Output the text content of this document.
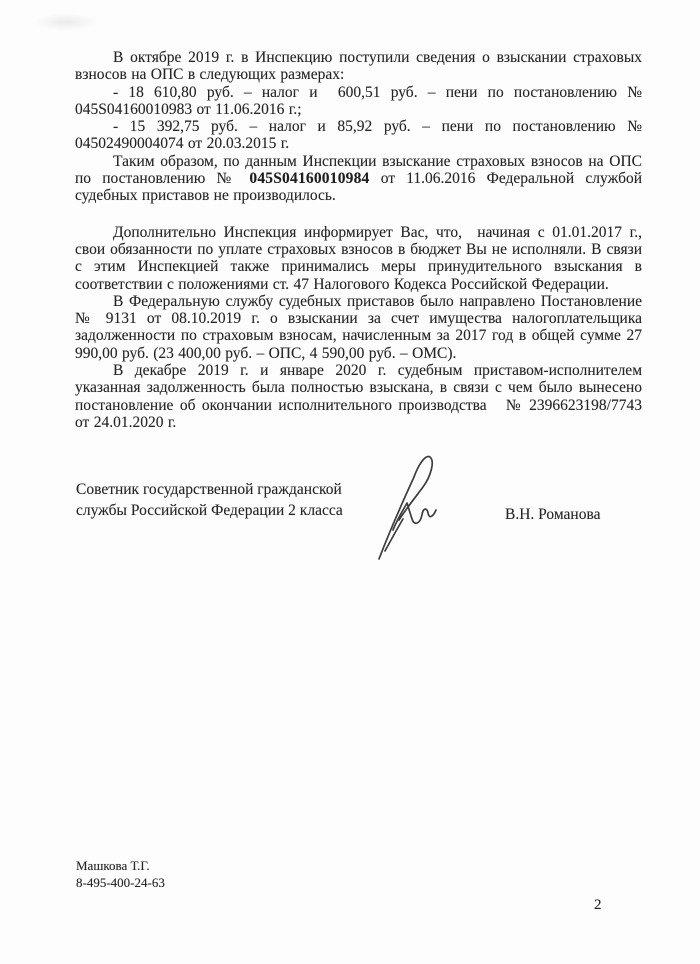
В октябре 2019 г. в Инспекцию поступили сведения о взыскании страховых взносов на ОПС в следующих размерах:

- 18 610,80 руб. – налог и  600,51 руб. – пени по постановлению № 045S04160010983 от 11.06.2016 г.;

- 15 392,75 руб. – налог и 85,92 руб. – пени по постановлению № 04502490004074 от 20.03.2015 г.

Таким образом, по данным Инспекции взыскание страховых взносов на ОПС по постановлению № 045S04160010984 от 11.06.2016 Федеральной службой судебных приставов не производилось.

Дополнительно Инспекция информирует Вас, что,  начиная с 01.01.2017 г., свои обязанности по уплате страховых взносов в бюджет Вы не исполняли. В связи с этим Инспекцией также принимались меры принудительного взыскания в соответствии с положениями ст. 47 Налогового Кодекса Российской Федерации.

В Федеральную службу судебных приставов было направлено Постановление № 9131 от 08.10.2019 г. о взыскании за счет имущества налогоплательщика задолженности по страховым взносам, начисленным за 2017 год в общей сумме 27 990,00 руб. (23 400,00 руб. – ОПС, 4 590,00 руб. – ОМС).

В декабре 2019 г. и январе 2020 г. судебным приставом-исполнителем указанная задолженность была полностью взыскана, в связи с чем было вынесено постановление об окончании исполнительного производства   № 2396623198/7743 от 24.01.2020 г.

Советник государственной гражданской
службы Российской Федерации 2 класса	В.Н. Романова
Машкова Т.Г.
8-495-400-24-63
2
